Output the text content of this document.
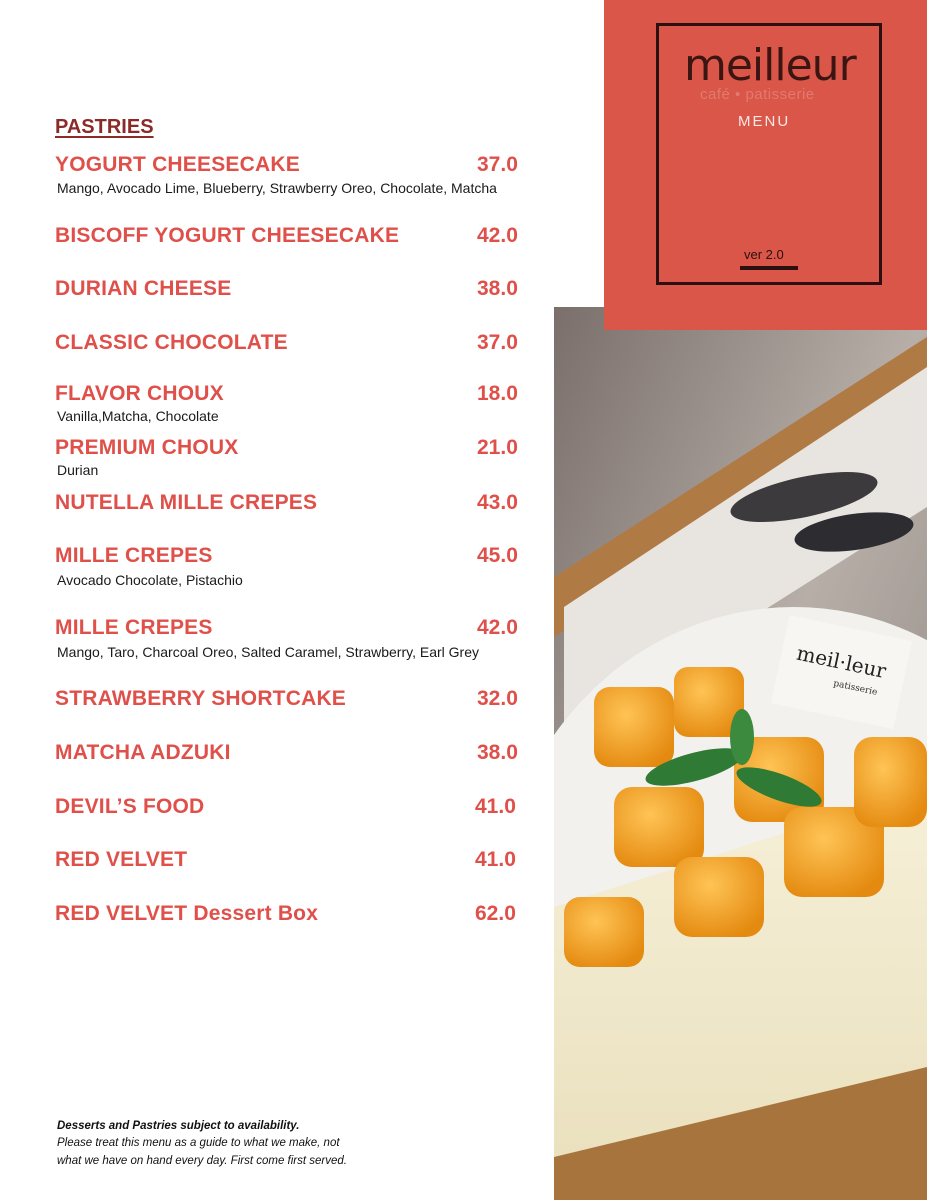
PASTRIES
YOGURT CHEESECAKE	37.0
Mango, Avocado Lime, Blueberry, Strawberry Oreo, Chocolate, Matcha
BISCOFF YOGURT CHEESECAKE	42.0
DURIAN CHEESE	38.0
CLASSIC CHOCOLATE	37.0
FLAVOR CHOUX	18.0
Vanilla,Matcha, Chocolate
PREMIUM CHOUX	21.0
Durian
NUTELLA MILLE CREPES	43.0
MILLE CREPES	45.0
Avocado Chocolate, Pistachio
MILLE CREPES	42.0
Mango, Taro, Charcoal Oreo, Salted Caramel, Strawberry, Earl Grey
STRAWBERRY SHORTCAKE	32.0
MATCHA ADZUKI	38.0
DEVIL’S FOOD	41.0
RED VELVET	41.0
RED VELVET Dessert Box	62.0
Desserts and Pastries subject to availability.
Please treat this menu as a guide to what we make, not
what we have on hand every day. First come first served.
meil·leur
patisserie
meilleur
café • patisserie
MENU
ver 2.0
